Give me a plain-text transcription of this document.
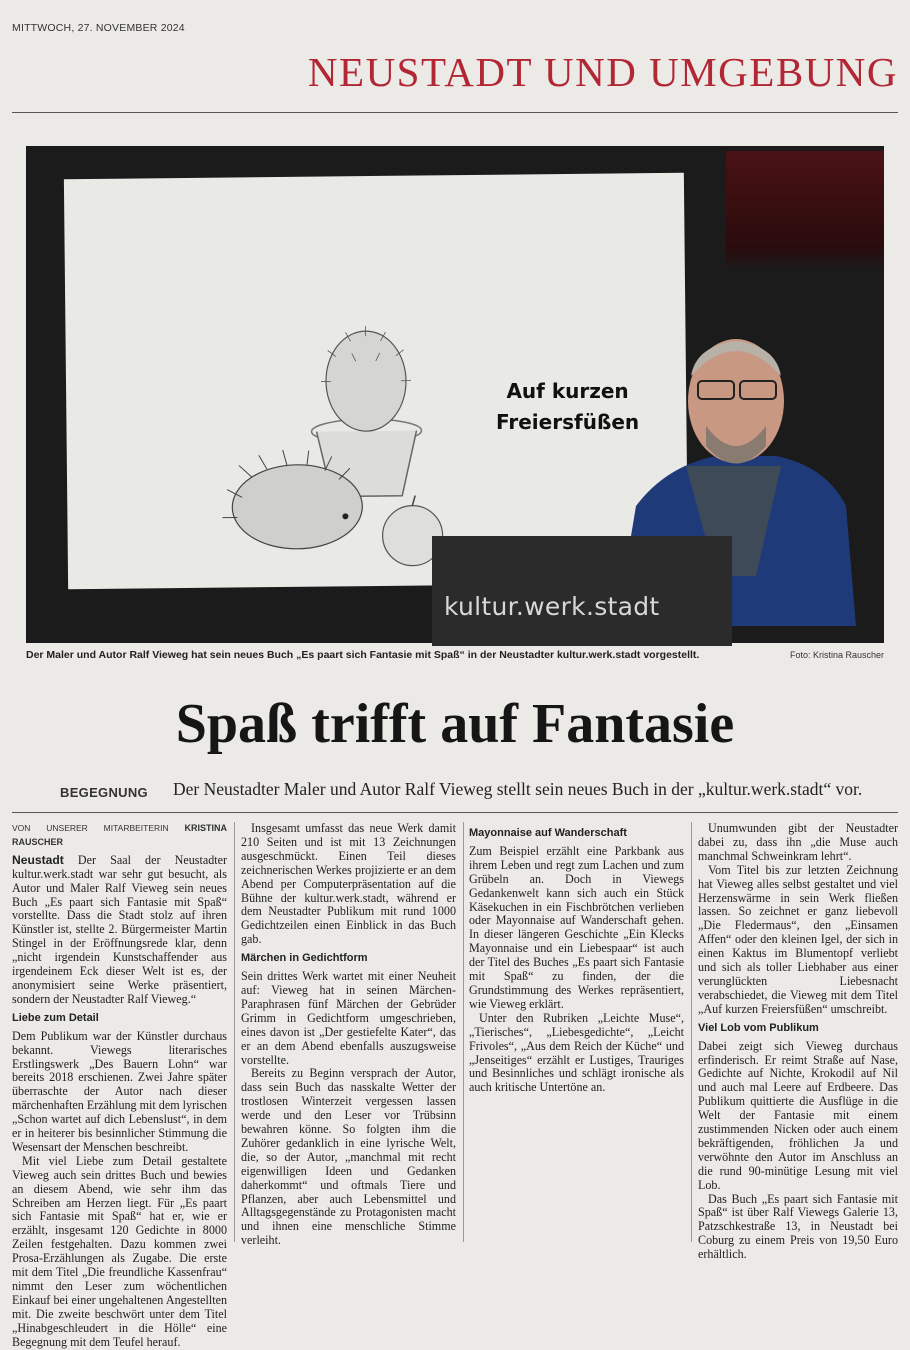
MITTWOCH, 27. NOVEMBER 2024
NEUSTADT UND UMGEBUNG
Auf kurzen
Freiersfüßen
kultur.werk.stadt
Der Maler und Autor Ralf Vieweg hat sein neues Buch „Es paart sich Fantasie mit Spaß“ in der Neustadter kultur.werk.stadt vorgestellt.	Foto: Kristina Rauscher
Spaß trifft auf Fantasie
BEGEGNUNG Der Neustadter Maler und Autor Ralf Vieweg stellt sein neues Buch in der „kultur.werk.stadt“ vor.
VON UNSERER MITARBEITERIN KRISTINA RAUSCHER

Neustadt Der Saal der Neustadter kultur.werk.stadt war sehr gut besucht, als Autor und Maler Ralf Vieweg sein neues Buch „Es paart sich Fantasie mit Spaß“ vorstellte. Dass die Stadt stolz auf ihren Künstler ist, stellte 2. Bürgermeister Martin Stingel in der Eröffnungsrede klar, denn „nicht irgendein Kunstschaffender aus irgendeinem Eck dieser Welt ist es, der anonymisiert seine Werke präsentiert, sondern der Neustadter Ralf Vieweg.“

Liebe zum Detail

Dem Publikum war der Künstler durchaus bekannt. Viewegs literarisches Erstlingswerk „Des Bauern Lohn“ war bereits 2018 erschienen. Zwei Jahre später überraschte der Autor nach dieser märchenhaften Erzählung mit dem lyrischen „Schon wartet auf dich Lebenslust“, in dem er in heiterer bis besinnlicher Stimmung die Wesensart der Menschen beschreibt.

Mit viel Liebe zum Detail gestaltete Vieweg auch sein drittes Buch und bewies an diesem Abend, wie sehr ihm das Schreiben am Herzen liegt. Für „Es paart sich Fantasie mit Spaß“ hat er, wie er erzählt, insgesamt 120 Gedichte in 8000 Zeilen festgehalten. Dazu kommen zwei Prosa-Erzählungen als Zugabe. Die erste mit dem Titel „Die freundliche Kassenfrau“ nimmt den Leser zum wöchentlichen Einkauf bei einer ungehaltenen Angestellten mit. Die zweite beschwört unter dem Titel „Hinabgeschleudert in die Hölle“ eine Begegnung mit dem Teufel herauf.

Insgesamt umfasst das neue Werk damit 210 Seiten und ist mit 13 Zeichnungen ausgeschmückt. Einen Teil dieses zeichnerischen Werkes projizierte er an dem Abend per Computerpräsentation auf die Bühne der kultur.werk.stadt, während er dem Neustadter Publikum mit rund 1000 Gedichtzeilen einen Einblick in das Buch gab.

Märchen in Gedichtform

Sein drittes Werk wartet mit einer Neuheit auf: Vieweg hat in seinen Märchen-Paraphrasen fünf Märchen der Gebrüder Grimm in Gedichtform umgeschrieben, eines davon ist „Der gestiefelte Kater“, das er an dem Abend ebenfalls auszugsweise vorstellte.

Bereits zu Beginn versprach der Autor, dass sein Buch das nasskalte Wetter der trostlosen Winterzeit vergessen lassen werde und den Leser vor Trübsinn bewahren könne. So folgten ihm die Zuhörer gedanklich in eine lyrische Welt, die, so der Autor, „manchmal mit recht eigenwilligen Ideen und Gedanken daherkommt“ und oftmals Tiere und Pflanzen, aber auch Lebensmittel und Alltagsgegenstände zu Protagonisten macht und ihnen eine menschliche Stimme verleiht.

Mayonnaise auf Wanderschaft

Zum Beispiel erzählt eine Parkbank aus ihrem Leben und regt zum Lachen und zum Grübeln an. Doch in Viewegs Gedankenwelt kann sich auch ein Stück Käsekuchen in ein Fischbrötchen verlieben oder Mayonnaise auf Wanderschaft gehen. In dieser längeren Geschichte „Ein Klecks Mayonnaise und ein Liebespaar“ ist auch der Titel des Buches „Es paart sich Fantasie mit Spaß“ zu finden, der die Grundstimmung des Werkes repräsentiert, wie Vieweg erklärt.

Unter den Rubriken „Leichte Muse“, „Tierisches“, „Liebesgedichte“, „Leicht Frivoles“, „Aus dem Reich der Küche“ und „Jenseitiges“ erzählt er Lustiges, Trauriges und Besinnliches und schlägt ironische als auch kritische Untertöne an.

Unumwunden gibt der Neustadter dabei zu, dass ihn „die Muse auch manchmal Schweinkram lehrt“.

Vom Titel bis zur letzten Zeichnung hat Vieweg alles selbst gestaltet und viel Herzenswärme in sein Werk fließen lassen. So zeichnet er ganz liebevoll „Die Fledermaus“, den „Einsamen Affen“ oder den kleinen Igel, der sich in einen Kaktus im Blumentopf verliebt und sich als toller Liebhaber aus einer verunglückten Liebesnacht verabschiedet, die Vieweg mit dem Titel „Auf kurzen Freiersfüßen“ umschreibt.

Viel Lob vom Publikum

Dabei zeigt sich Vieweg durchaus erfinderisch. Er reimt Straße auf Nase, Gedichte auf Nichte, Krokodil auf Nil und auch mal Leere auf Erdbeere. Das Publikum quittierte die Ausflüge in die Welt der Fantasie mit einem zustimmenden Nicken oder auch einem bekräftigenden, fröhlichen Ja und verwöhnte den Autor im Anschluss an die rund 90-minütige Lesung mit viel Lob.

Das Buch „Es paart sich Fantasie mit Spaß“ ist über Ralf Viewegs Galerie 13, Patzschkestraße 13, in Neustadt bei Coburg zu einem Preis von 19,50 Euro erhältlich.
